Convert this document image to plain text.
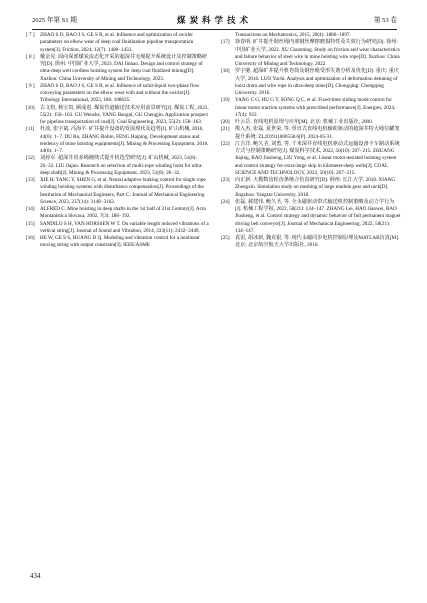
2025 年第 S1 期	煤炭科学技术	第 53 卷
[ 7 ] ZHAO S D, BAO J S, GE S R, et al. Influence and optimization of swirler parameters on elbow wear of deep coal fluidization pipeline transportation system[J]. Friction, 2024, 12(7): 1408−1433.
[ 8 ] 戴金晃. 面向深部煤炭流态化开采的超深井无绳提升系统设计及控制策略研究[D]. 徐州: 中国矿业大学, 2023. DAI Jinhao. Design and control strategy of ultra-deep well cordless hoisting system for deep coal fluidized mining[D]. Xuzhou: China University of Mining and Technology, 2023.
[ 9 ] ZHAO S D, BAO J S, GE S R, et al. Influence of solid-liquid two-phase flow conveying parameters on the elbow wear with and without the swirler[J]. Tribology International, 2023, 186: 108635.
[10] 古文豹, 杨宝贵, 顾成进. 煤炭管道输送技术应用前景研究[J]. 煤炭工程, 2023, 55(2): 158−163. GU Wenzhe, YANG Baogui, GU Chengjin. Application prospect for pipeline transportation of coal[J]. Coal Engineering, 2023, 55(2): 158−163.
[11] 杜波, 张宇斌, 冯海平. 矿井提升设备的发展现状及趋势[J]. 矿山机械, 2016, 44(6): 1−7. DU Bo, ZHANG Bobin, FENG Haiping. Development status and tendency of mine hoisting equipments[J]. Mining & Processing Equipment, 2016, 44(6): 1−7.
[12] 刘孙军. 超深井用多绳缠绕式提升机选型研究[J]. 矿山机械, 2023, 51(8): 26−32. LIU Jiajun. Research on selection of multi-rope winding hoist for ultra-deep shaft[J]. Mining & Processing Equipment, 2023, 51(8): 26−32.
[13] XIE H, TANG Y, SHEN G, et al. Neural adaptive braking control for single rope winding hoisting systems with disturbance compensation[J]. Proceedings of the Institution of Mechanical Engineers, Part C: Journal of Mechanical Engineering Science, 2023, 237(14): 3148−3162.
[14] ALFRED C. Mine hoisting in deep shafts in the 1st half of 21st Century[J]. Acta Montanistica Slovaca, 2002, 7(3): 188−192.
[15] SANDILO S H, VAN HORSSEN W T. On variable length induced vibrations of a vertical string[J]. Journal of Sound and Vibration, 2014, 333(11): 2432−2449.
[16] HE W, GE S S, HUANG D Q. Modeling and vibration control for a nonlinear moving string with output constraint[J]. IEEE/ASME
Transactions on Mechatronics, 2015, 20(4): 1886−1897.
[17] 徐春明. 矿井提升钢丝绳内部钢丝摩擦磨损特性及失效行为研究[D]. 徐州: 中国矿业大学, 2022. XU Chunming. Study on friction and wear characteristics and failure behavior of steel wire in mine hoisting wire rope[D]. Xuzhou: China University of Mining and Technology, 2022.
[18] 罗宇驰. 超深矿井提升机卷筒及钢丝绳受形失谐分析及优化[D]. 重庆: 重庆大学, 2016. LUO Yuchi. Analysis and optimization of deformation detuning of hoist drum and wire rope in ultra-deep mine[D]. Chongqing: Chongqing University, 2016.
[19] YANG C G, HU G Y, SONG Q C, et al. Fixed-time sliding mode control for linear motor traction systems with prescribed performance[J]. Energies, 2024, 17(4): 932.
[20] 叶云岳. 直线电机原理与应用[M]. 北京: 机械工业出版社, 2000.
[21] 熊入杰, 张磊, 夏世荣, 等. 垂直式直线电机辅助驱动的超深井特大绳位罐笼提升系统: ZL201911000558.6[P]. 2024-05-31.
[22] 江吉洋, 鲍久圣, 刘勇, 等. 千米深井直线电机驱动式运输设备卡车制动系统方式与控制策略研究[J]. 煤炭科学技术, 2022, 50(10): 207−215. ZHUANG Jiajing, BAO Jiusheng, LIU Yong, et al. Linear motor-assisted hoisting system and control strategy for extra-large skip in kilometer-deep wells[J]. COAL SCIENCE AND TECHNOLOGY, 2022, 50(10): 207−215.
[23] 向正新. 大模数齿轮齿条啮合仿真研究[D]. 荆州: 长江大学, 2018. XIANG Zhengxin. Simulation study on meshing of large module gear and rack[D]. Jingzhou: Yangtze University, 2018.
[24] 张磊, 郝建伟, 鲍久圣, 等. 全永磁驱动带式输送机控制策略及动力学行为[J]. 机械工程学报, 2022, 58(21): 134−147. ZHANG Lei, HAO Jianwei, BAO Jiusheng, et al. Control strategy and dynamic behavior of full permanent magnet driving belt conveyor[J]. Journal of Mechanical Engineering, 2022, 58(21): 134−147.
[25] 袁雷, 胡冰新, 魏克银, 等. 现代永磁同步电机控制原理及MATLAB仿真[M]. 北京: 北京航空航天大学出版社, 2016.
434
